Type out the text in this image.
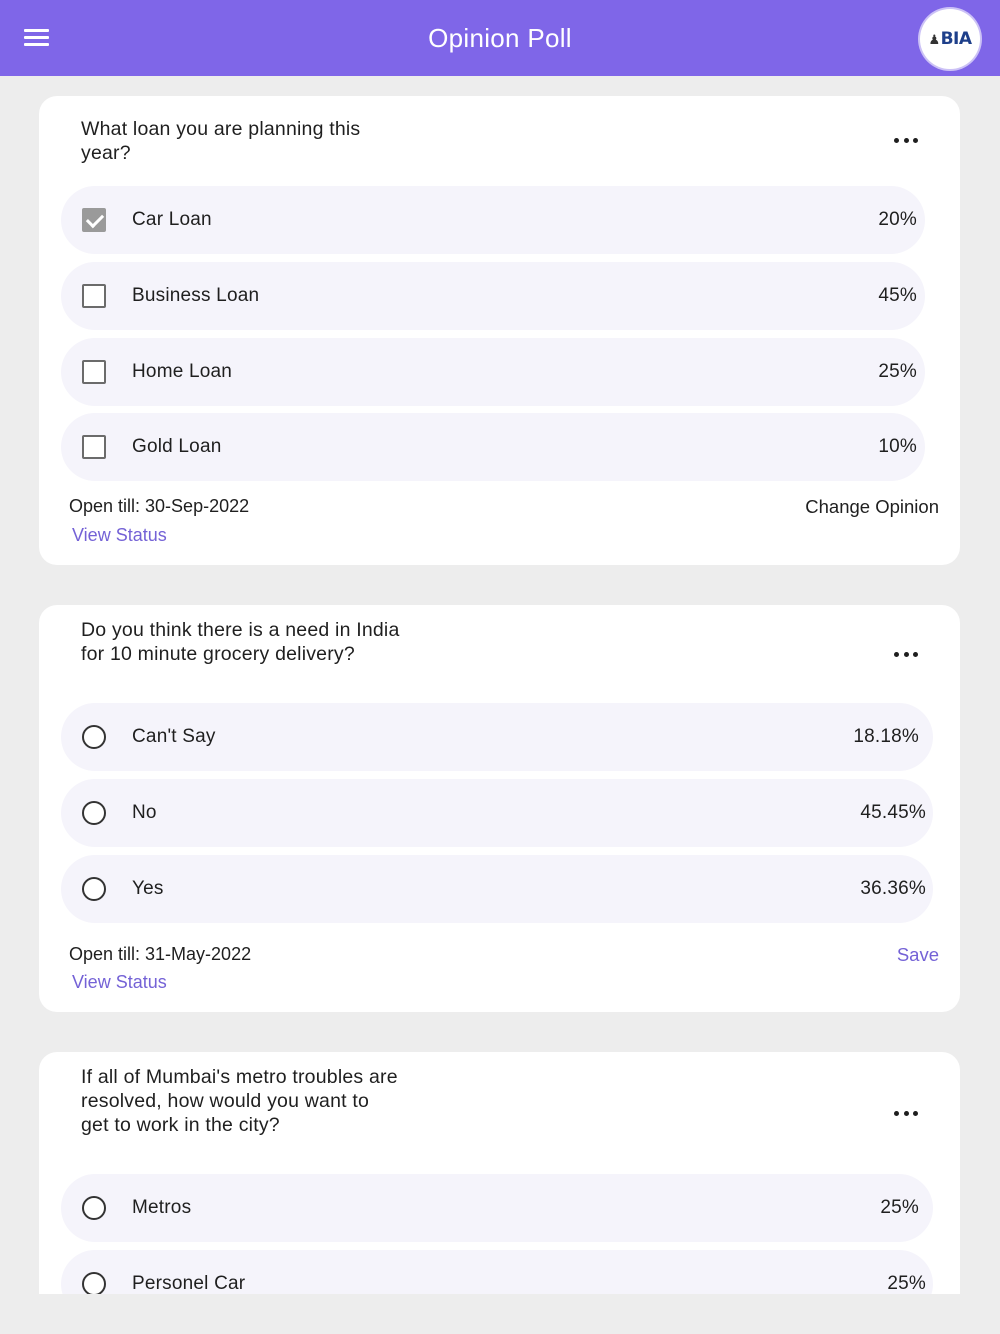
Opinion Poll	♟BIA
What loan you are planning this year?
Car Loan	20%
Business Loan	45%
Home Loan	25%
Gold Loan	10%
Open till: 30-Sep-2022
View Status
Change Opinion
Do you think there is a need in India for 10 minute grocery delivery?
Can't Say	18.18%
No	45.45%
Yes	36.36%
Open till: 31-May-2022
View Status
Save
If all of Mumbai's metro troubles are resolved, how would you want to get to work in the city?
Metros	25%
Personel Car	25%
